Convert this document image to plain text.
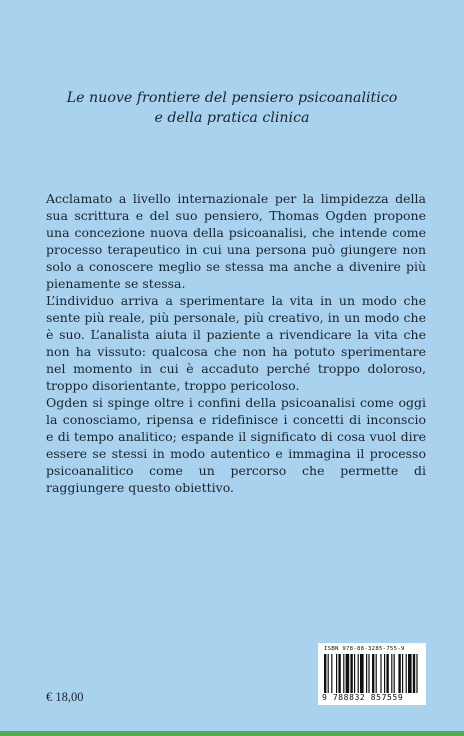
Le nuove frontiere del pensiero psicoanalitico
e della pratica clinica

Acclamato a livello internazionale per la limpidezza della sua scrittura e del suo pensiero, Thomas Ogden propone una concezione nuova della psicoanalisi, che intende come processo terapeutico in cui una persona può giungere non solo a conoscere meglio se stessa ma anche a divenire più pienamente se stessa.

L’individuo arriva a sperimentare la vita in un modo che sente più reale, più personale, più creativo, in un modo che è suo. L’analista aiuta il paziente a rivendicare la vita che non ha vissuto: qualcosa che non ha potuto sperimentare nel momento in cui è accaduto perché troppo doloroso, troppo disorientante, troppo pericoloso.

Ogden si spinge oltre i confini della psicoanalisi come oggi la conosciamo, ripensa e ridefinisce i concetti di inconscio e di tempo analitico; espande il significato di cosa vuol dire essere se stessi in modo autentico e immagina il processo psicoanalitico come un percorso che permette di raggiungere questo obiettivo.

€ 18,00
ISBN 978-88-3285-755-9
9 788832 857559
